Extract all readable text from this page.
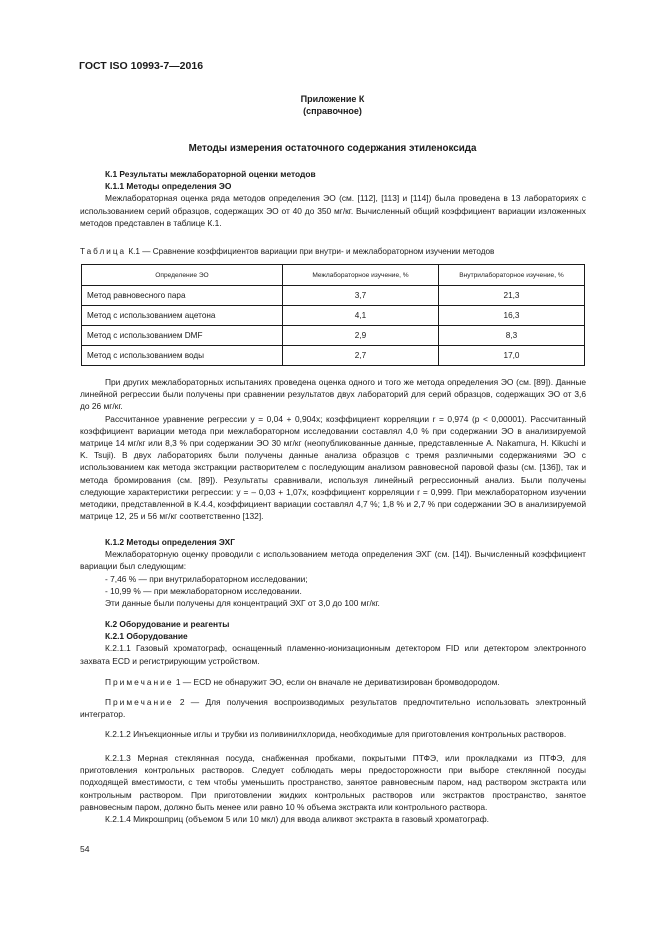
ГОСТ ISO 10993-7—2016
Приложение К
(справочное)
Методы измерения остаточного содержания этиленоксида
К.1 Результаты межлабораторной оценки методов
К.1.1 Методы определения ЭО

Межлабораторная оценка ряда методов определения ЭО (см. [112], [113] и [114]) была проведена в 13 лабораториях с использованием серий образцов, содержащих ЭО от 40 до 350 мг/кг. Вычисленный общий коэффициент вариации изложенных методов представлен в таблице К.1.

Таблица К.1 — Сравнение коэффициентов вариации при внутри- и межлабораторном изучении методов
Определение ЭО	Межлабораторное изучение, %	Внутрилабораторное изучение, %
Метод равновесного пара	3,7	21,3
Метод с использованием ацетона	4,1	16,3
Метод с использованием DMF	2,9	8,3
Метод с использованием воды	2,7	17,0

При других межлабораторных испытаниях проведена оценка одного и того же метода определения ЭО (см. [89]). Данные линейной регрессии были получены при сравнении результатов двух лабораторий для серий образцов, содержащих ЭО от 3,6 до 26 мг/кг.

Рассчитанное уравнение регрессии y = 0,04 + 0,904x; коэффициент корреляции r = 0,974 (p < 0,00001). Рассчитанный коэффициент вариации метода при межлабораторном исследовании составлял 4,0 % при содержании ЭО в анализируемой матрице 14 мг/кг или 8,3 % при содержании ЭО 30 мг/кг (неопубликованные данные, представленные A. Nakamura, H. Kikuchi и K. Tsuji). В двух лабораториях были получены данные анализа образцов с тремя различными содержаниями ЭО с использованием как метода экстракции растворителем с последующим анализом равновесной паровой фазы (см. [136]), так и метода бромирования (см. [89]). Результаты сравнивали, используя линейный регрессионный анализ. Были получены следующие характеристики регрессии: y = – 0,03 + 1,07x, коэффициент корреляции r = 0,999. При межлабораторном изучении методики, представленной в К.4.4, коэффициент вариации составлял 4,7 %; 1,8 % и 2,7 % при содержании ЭО в анализируемой матрице 12, 25 и 56 мг/кг соответственно [132].

К.1.2 Методы определения ЭХГ

Межлабораторную оценку проводили с использованием метода определения ЭХГ (см. [14]). Вычисленный коэффициент вариации был следующим:

- 7,46 % — при внутрилабораторном исследовании;
- 10,99 % — при межлабораторном исследовании.
Эти данные были получены для концентраций ЭХГ от 3,0 до 100 мг/кг.
К.2 Оборудование и реагенты
К.2.1 Оборудование

К.2.1.1 Газовый хроматограф, оснащенный пламенно-ионизационным детектором FID или детектором электронного захвата ECD и регистрирующим устройством.

Примечание 1 — ECD не обнаружит ЭО, если он вначале не дериватизирован бромводородом.

Примечание 2 — Для получения воспроизводимых результатов предпочтительно использовать электронный интегратор.

К.2.1.2 Инъекционные иглы и трубки из поливинилхлорида, необходимые для приготовления контрольных растворов.

К.2.1.3 Мерная стеклянная посуда, снабженная пробками, покрытыми ПТФЭ, или прокладками из ПТФЭ, для приготовления контрольных растворов. Следует соблюдать меры предосторожности при выборе стеклянной посуды подходящей вместимости, с тем чтобы уменьшить пространство, занятое равновесным паром, над раствором экстракта или контрольным раствором. При приготовлении жидких контрольных растворов или экстрактов пространство, занятое равновесным паром, должно быть менее или равно 10 % объема экстракта или контрольного раствора.

К.2.1.4 Микрошприц (объемом 5 или 10 мкл) для ввода аликвот экстракта в газовый хроматограф.

54
